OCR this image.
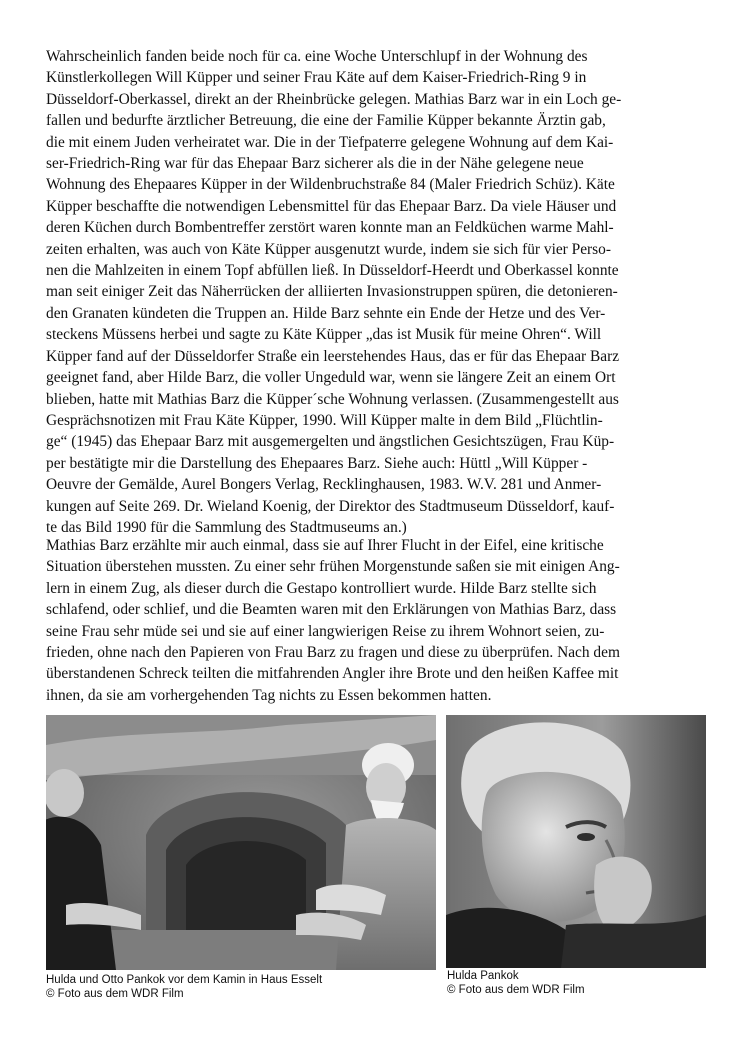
Wahrscheinlich fanden beide noch für ca. eine Woche Unterschlupf in der Wohnung des
Künstlerkollegen Will Küpper und seiner Frau Käte auf dem Kaiser-Friedrich-Ring 9 in
Düsseldorf-Oberkassel, direkt an der Rheinbrücke gelegen. Mathias Barz war in ein Loch ge-
fallen und bedurfte ärztlicher Betreuung, die eine der Familie Küpper bekannte Ärztin gab,
die mit einem Juden verheiratet war. Die in der Tiefpaterre gelegene Wohnung auf dem Kai-
ser-Friedrich-Ring war für das Ehepaar Barz sicherer als die in der Nähe gelegene neue
Wohnung des Ehepaares Küpper in der Wildenbruchstraße 84 (Maler Friedrich Schüz). Käte
Küpper beschaffte die notwendigen Lebensmittel für das Ehepaar Barz. Da viele Häuser und
deren Küchen durch Bombentreffer zerstört waren konnte man an Feldküchen warme Mahl-
zeiten erhalten, was auch von Käte Küpper ausgenutzt wurde, indem sie sich für vier Perso-
nen die Mahlzeiten in einem Topf abfüllen ließ. In Düsseldorf-Heerdt und Oberkassel konnte
man seit einiger Zeit das Näherrücken der alliierten Invasionstruppen spüren, die detonieren-
den Granaten kündeten die Truppen an. Hilde Barz sehnte ein Ende der Hetze und des Ver-
steckens Müssens herbei und sagte zu Käte Küpper „das ist Musik für meine Ohren“. Will
Küpper fand auf der Düsseldorfer Straße ein leerstehendes Haus, das er für das Ehepaar Barz
geeignet fand, aber Hilde Barz, die voller Ungeduld war, wenn sie längere Zeit an einem Ort
blieben, hatte mit Mathias Barz die Küpper´sche Wohnung verlassen. (Zusammengestellt aus
Gesprächsnotizen mit Frau Käte Küpper, 1990. Will Küpper malte in dem Bild „Flüchtlin-
ge“ (1945) das Ehepaar Barz mit ausgemergelten und ängstlichen Gesichtszügen, Frau Küp-
per bestätigte mir die Darstellung des Ehepaares Barz. Siehe auch: Hüttl „Will Küpper -
Oeuvre der Gemälde, Aurel Bongers Verlag, Recklinghausen, 1983. W.V. 281 und Anmer-
kungen auf Seite 269. Dr. Wieland Koenig, der Direktor des Stadtmuseum Düsseldorf, kauf-
te das Bild 1990 für die Sammlung des Stadtmuseums an.)
Mathias Barz erzählte mir auch einmal, dass sie auf Ihrer Flucht in der Eifel, eine kritische
Situation überstehen mussten. Zu einer sehr frühen Morgenstunde saßen sie mit einigen Ang-
lern in einem Zug, als dieser durch die Gestapo kontrolliert wurde. Hilde Barz stellte sich
schlafend, oder schlief, und die Beamten waren mit den Erklärungen von Mathias Barz, dass
seine Frau sehr müde sei und sie auf einer langwierigen Reise zu ihrem Wohnort seien, zu-
frieden, ohne nach den Papieren von Frau Barz zu fragen und diese zu überprüfen. Nach dem
überstandenen Schreck teilten die mitfahrenden Angler ihre Brote und den heißen Kaffee mit
ihnen, da sie am vorhergehenden Tag nichts zu Essen bekommen hatten.
Hulda und Otto Pankok vor dem Kamin in Haus Esselt
© Foto aus dem WDR Film
Hulda Pankok
© Foto aus dem WDR Film
